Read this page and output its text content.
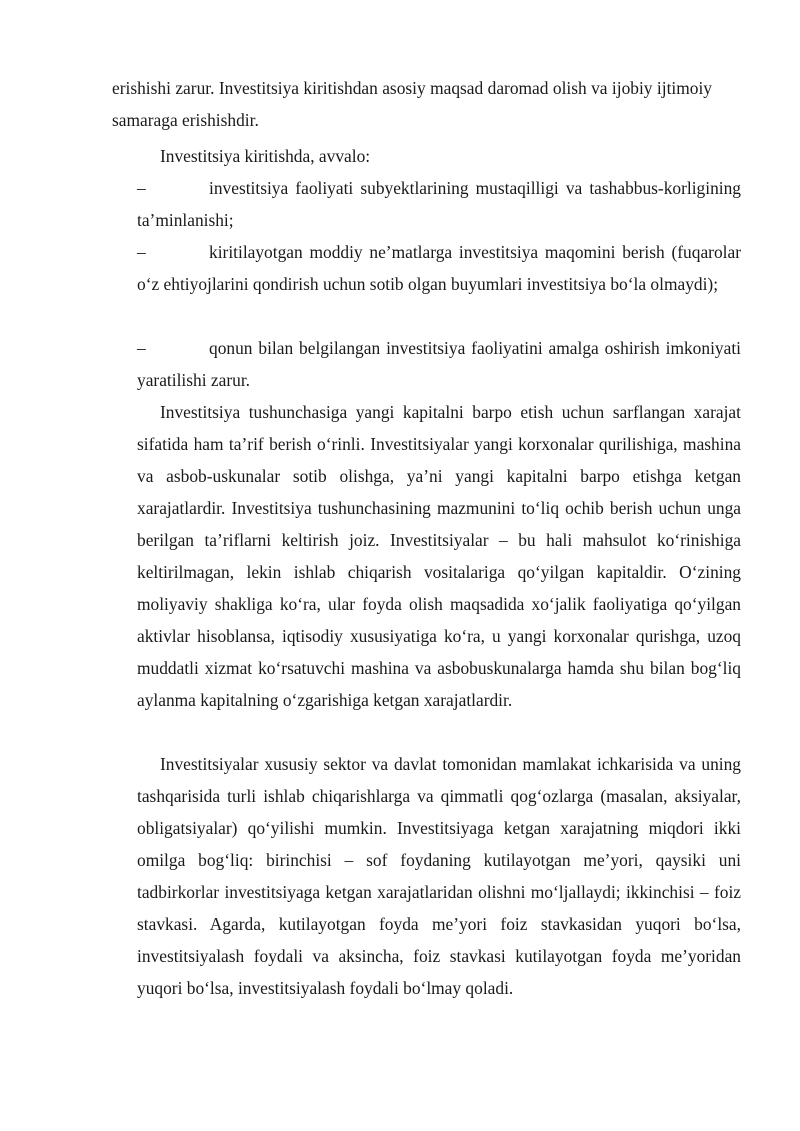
erishishi zarur. Investitsiya kiritishdan asosiy maqsad daromad olish va ijobiy ijtimoiy samaraga erishishdir.

Investitsiya kiritishda, avvalo:

–	investitsiya faoliyati subyektlarining mustaqilligi va tashabbus-korligining ta’minlanishi;

–	kiritilayotgan moddiy ne’matlarga investitsiya maqomini berish (fuqarolar o‘z ehtiyojlarini qondirish uchun sotib olgan buyumlari investitsiya bo‘la olmaydi);

–	qonun bilan belgilangan investitsiya faoliyatini amalga oshirish imkoniyati yaratilishi zarur.

Investitsiya tushunchasiga yangi kapitalni barpo etish uchun sarflangan xarajat sifatida ham ta’rif berish o‘rinli. Investitsiyalar yangi korxonalar qurilishiga, mashina va asbob-uskunalar sotib olishga, ya’ni yangi kapitalni barpo etishga ketgan xarajatlardir. Investitsiya tushunchasining mazmunini to‘liq ochib berish uchun unga berilgan ta’riflarni keltirish joiz. Investitsiyalar – bu hali mahsulot ko‘rinishiga keltirilmagan, lekin ishlab chiqarish vositalariga qo‘yilgan kapitaldir. O‘zining moliyaviy shakliga ko‘ra, ular foyda olish maqsadida xo‘jalik faoliyatiga qo‘yilgan aktivlar hisoblansa, iqtisodiy xususiyatiga ko‘ra, u yangi korxonalar qurishga, uzoq muddatli xizmat ko‘rsatuvchi mashina va asbobuskunalarga hamda shu bilan bog‘liq aylanma kapitalning o‘zgarishiga ketgan xarajatlardir.

Investitsiyalar xususiy sektor va davlat tomonidan mamlakat ichkarisida va uning tashqarisida turli ishlab chiqarishlarga va qimmatli qog‘ozlarga (masalan, aksiyalar, obligatsiyalar) qo‘yilishi mumkin. Investitsiyaga ketgan xarajatning miqdori ikki omilga bog‘liq: birinchisi – sof foydaning kutilayotgan me’yori, qaysiki uni tadbirkorlar investitsiyaga ketgan xarajatlaridan olishni mo‘ljallaydi; ikkinchisi – foiz stavkasi. Agarda, kutilayotgan foyda me’yori foiz stavkasidan yuqori bo‘lsa, investitsiyalash foydali va aksincha, foiz stavkasi kutilayotgan foyda me’yoridan yuqori bo‘lsa, investitsiyalash foydali bo‘lmay qoladi.
